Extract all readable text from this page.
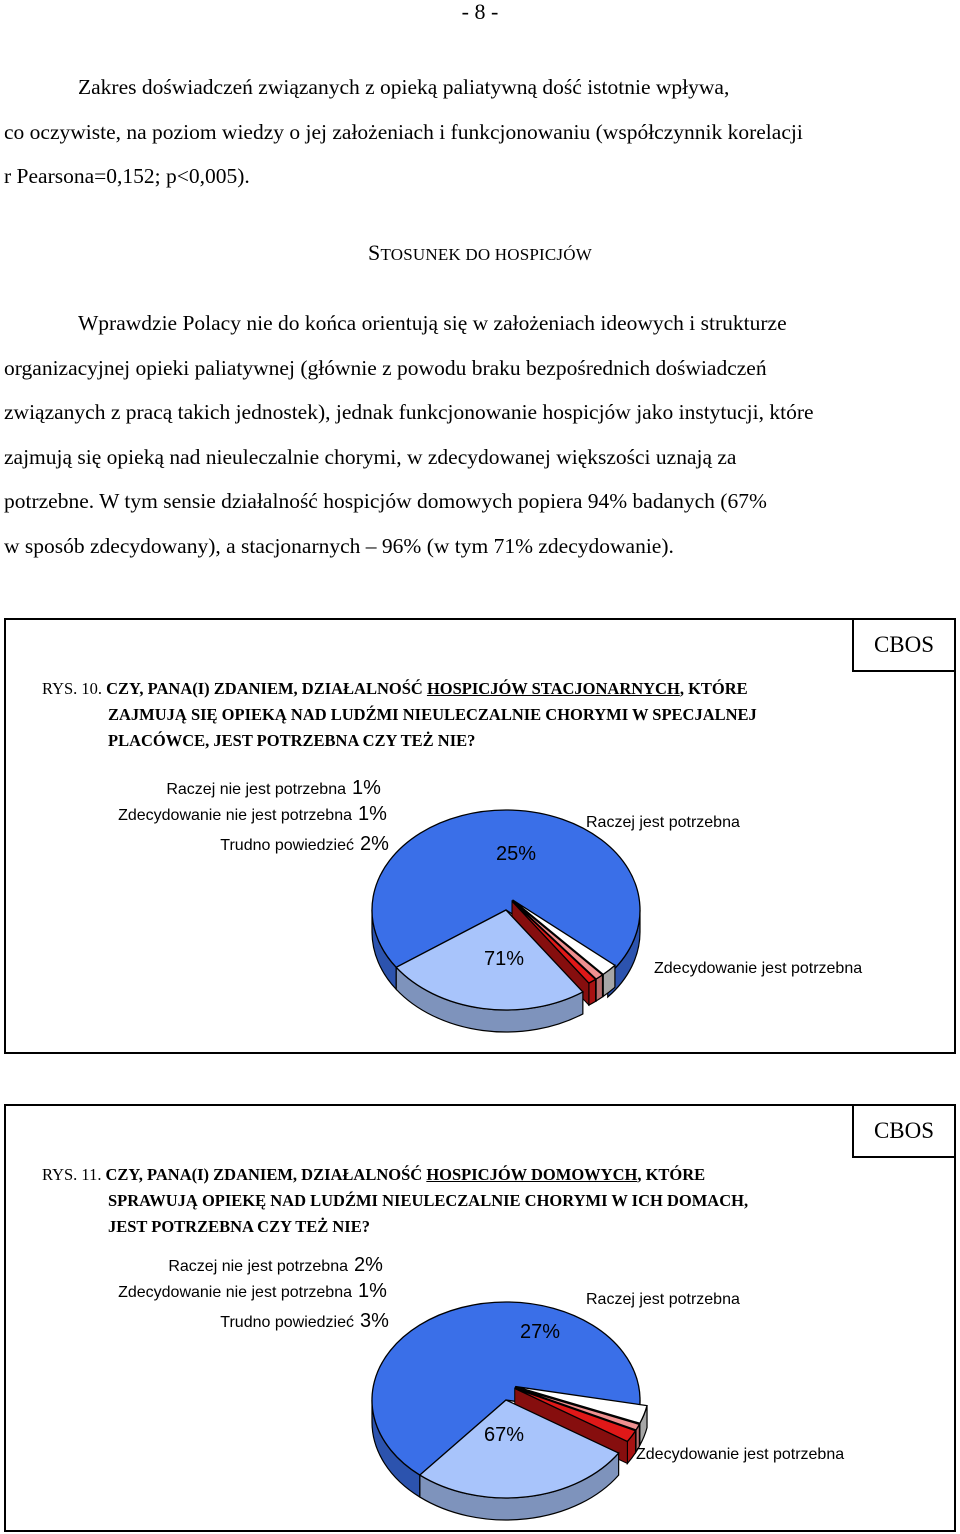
- 8 -
Zakres doświadczeń związanych z opieką paliatywną dość istotnie wpływa,
co oczywiste, na poziom wiedzy o jej założeniach i funkcjonowaniu (współczynnik korelacji
r Pearsona=0,152; p<0,005).
STOSUNEK DO HOSPICJÓW
Wprawdzie Polacy nie do końca orientują się w założeniach ideowych i strukturze
organizacyjnej opieki paliatywnej (głównie z powodu braku bezpośrednich doświadczeń
związanych z pracą takich jednostek), jednak funkcjonowanie hospicjów jako instytucji, które
zajmują się opieką nad nieuleczalnie chorymi, w zdecydowanej większości uznają za
potrzebne. W tym sensie działalność hospicjów domowych popiera 94% badanych (67%
w sposób zdecydowany), a stacjonarnych – 96% (w tym 71% zdecydowanie).
CBOS
RYS. 10. CZY, PANA(I) ZDANIEM, DZIAŁALNOŚĆ HOSPICJÓW STACJONARNYCH, KTÓRE
ZAJMUJĄ SIĘ OPIEKĄ NAD LUDŹMI NIEULECZALNIE CHORYMI W SPECJALNEJ
PLACÓWCE, JEST POTRZEBNA CZY TEŻ NIE?
Raczej nie jest potrzebna 1%
Zdecydowanie nie jest potrzebna 1%
Trudno powiedzieć 2%
Raczej jest potrzebna
25%
Zdecydowanie jest potrzebna
71%
CBOS
RYS. 11. CZY, PANA(I) ZDANIEM, DZIAŁALNOŚĆ HOSPICJÓW DOMOWYCH, KTÓRE
SPRAWUJĄ OPIEKĘ NAD LUDŹMI NIEULECZALNIE CHORYMI W ICH DOMACH,
JEST POTRZEBNA CZY TEŻ NIE?
Raczej nie jest potrzebna 2%
Zdecydowanie nie jest potrzebna 1%
Trudno powiedzieć 3%
Raczej jest potrzebna
27%
Zdecydowanie jest potrzebna
67%
